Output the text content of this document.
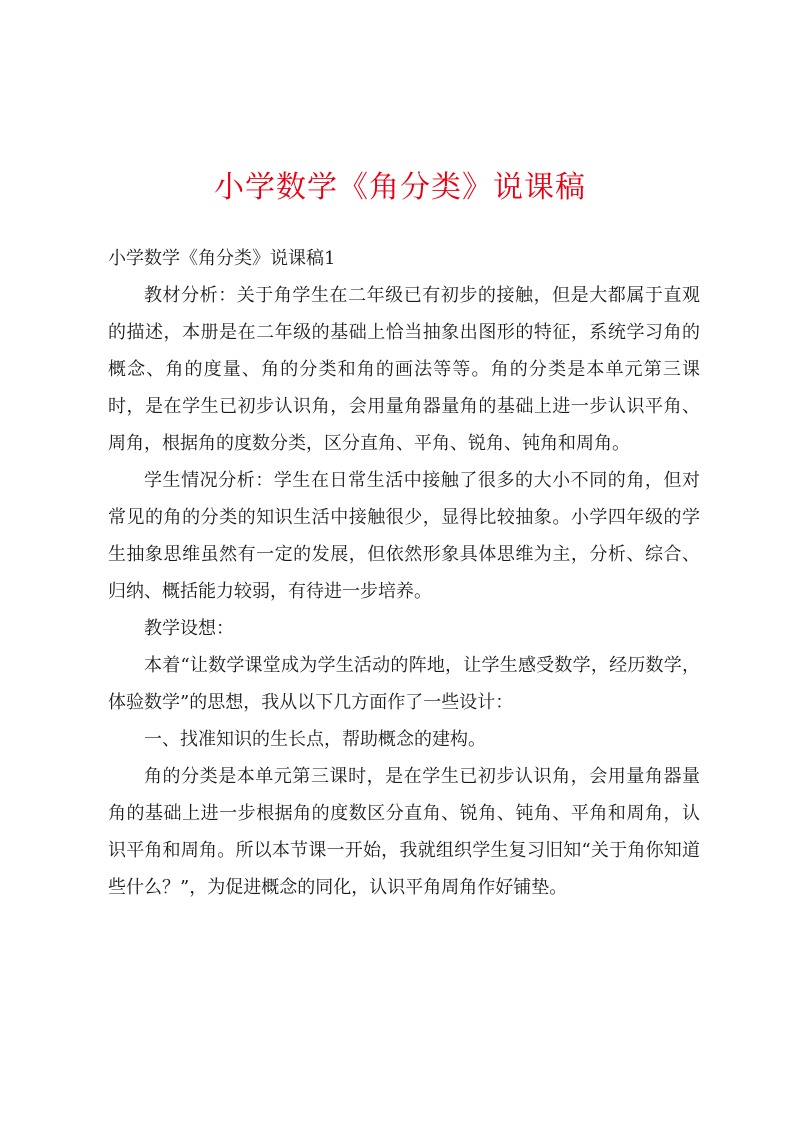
小学数学《角分类》说课稿

小学数学《角分类》说课稿1

教材分析：关于角学生在二年级已有初步的接触，但是大都属于直观的描述，本册是在二年级的基础上恰当抽象出图形的特征，系统学习角的概念、角的度量、角的分类和角的画法等等。角的分类是本单元第三课时，是在学生已初步认识角，会用量角器量角的基础上进一步认识平角、周角，根据角的度数分类，区分直角、平角、锐角、钝角和周角。

学生情况分析：学生在日常生活中接触了很多的大小不同的角，但对常见的角的分类的知识生活中接触很少，显得比较抽象。小学四年级的学生抽象思维虽然有一定的发展，但依然形象具体思维为主，分析、综合、归纳、概括能力较弱，有待进一步培养。

教学设想：

本着“让数学课堂成为学生活动的阵地，让学生感受数学，经历数学，体验数学”的思想，我从以下几方面作了一些设计：

一、找准知识的生长点，帮助概念的建构。

角的分类是本单元第三课时，是在学生已初步认识角，会用量角器量角的基础上进一步根据角的度数区分直角、锐角、钝角、平角和周角，认识平角和周角。所以本节课一开始，我就组织学生复习旧知“关于角你知道些什么？”，为促进概念的同化，认识平角周角作好铺垫。
